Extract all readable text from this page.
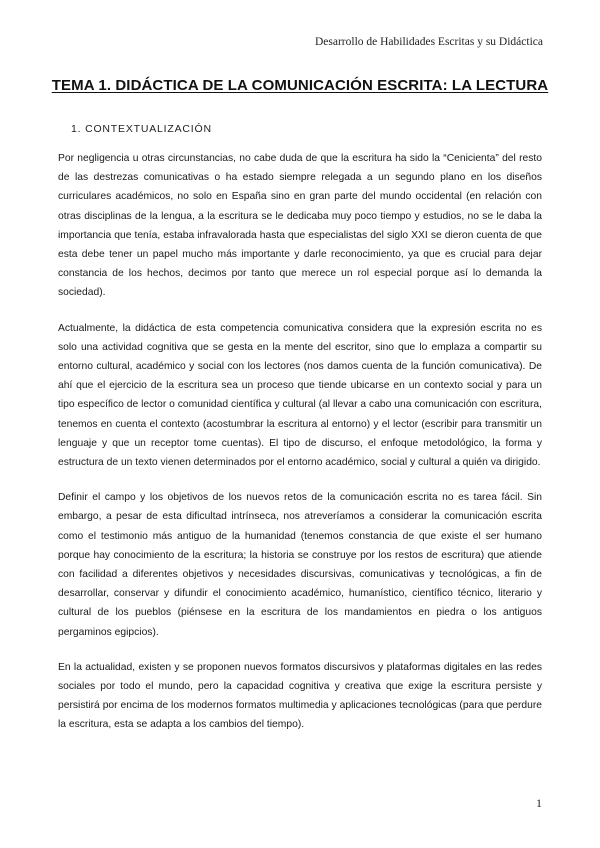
Desarrollo de Habilidades Escritas y su Didáctica
TEMA 1. DIDÁCTICA DE LA COMUNICACIÓN ESCRITA: LA LECTURA
1. CONTEXTUALIZACIÓN

Por negligencia u otras circunstancias, no cabe duda de que la escritura ha sido la “Cenicienta” del resto de las destrezas comunicativas o ha estado siempre relegada a un segundo plano en los diseños curriculares académicos, no solo en España sino en gran parte del mundo occidental (en relación con otras disciplinas de la lengua, a la escritura se le dedicaba muy poco tiempo y estudios, no se le daba la importancia que tenía, estaba infravalorada hasta que especialistas del siglo XXI se dieron cuenta de que esta debe tener un papel mucho más importante y darle reconocimiento, ya que es crucial para dejar constancia de los hechos, decimos por tanto que merece un rol especial porque así lo demanda la sociedad).

Actualmente, la didáctica de esta competencia comunicativa considera que la expresión escrita no es solo una actividad cognitiva que se gesta en la mente del escritor, sino que lo emplaza a compartir su entorno cultural, académico y social con los lectores (nos damos cuenta de la función comunicativa). De ahí que el ejercicio de la escritura sea un proceso que tiende ubicarse en un contexto social y para un tipo específico de lector o comunidad científica y cultural (al llevar a cabo una comunicación con escritura, tenemos en cuenta el contexto (acostumbrar la escritura al entorno) y el lector (escribir para transmitir un lenguaje y que un receptor tome cuentas). El tipo de discurso, el enfoque metodológico, la forma y estructura de un texto vienen determinados por el entorno académico, social y cultural a quién va dirigido.

Definir el campo y los objetivos de los nuevos retos de la comunicación escrita no es tarea fácil. Sin embargo, a pesar de esta dificultad intrínseca, nos atreveríamos a considerar la comunicación escrita como el testimonio más antiguo de la humanidad (tenemos constancia de que existe el ser humano porque hay conocimiento de la escritura; la historia se construye por los restos de escritura) que atiende con facilidad a diferentes objetivos y necesidades discursivas, comunicativas y tecnológicas, a fin de desarrollar, conservar y difundir el conocimiento académico, humanístico, científico técnico, literario y cultural de los pueblos (piénsese en la escritura de los mandamientos en piedra o los antiguos pergaminos egipcios).

En la actualidad, existen y se proponen nuevos formatos discursivos y plataformas digitales en las redes sociales por todo el mundo, pero la capacidad cognitiva y creativa que exige la escritura persiste y persistirá por encima de los modernos formatos multimedia y aplicaciones tecnológicas (para que perdure la escritura, esta se adapta a los cambios del tiempo).

1
